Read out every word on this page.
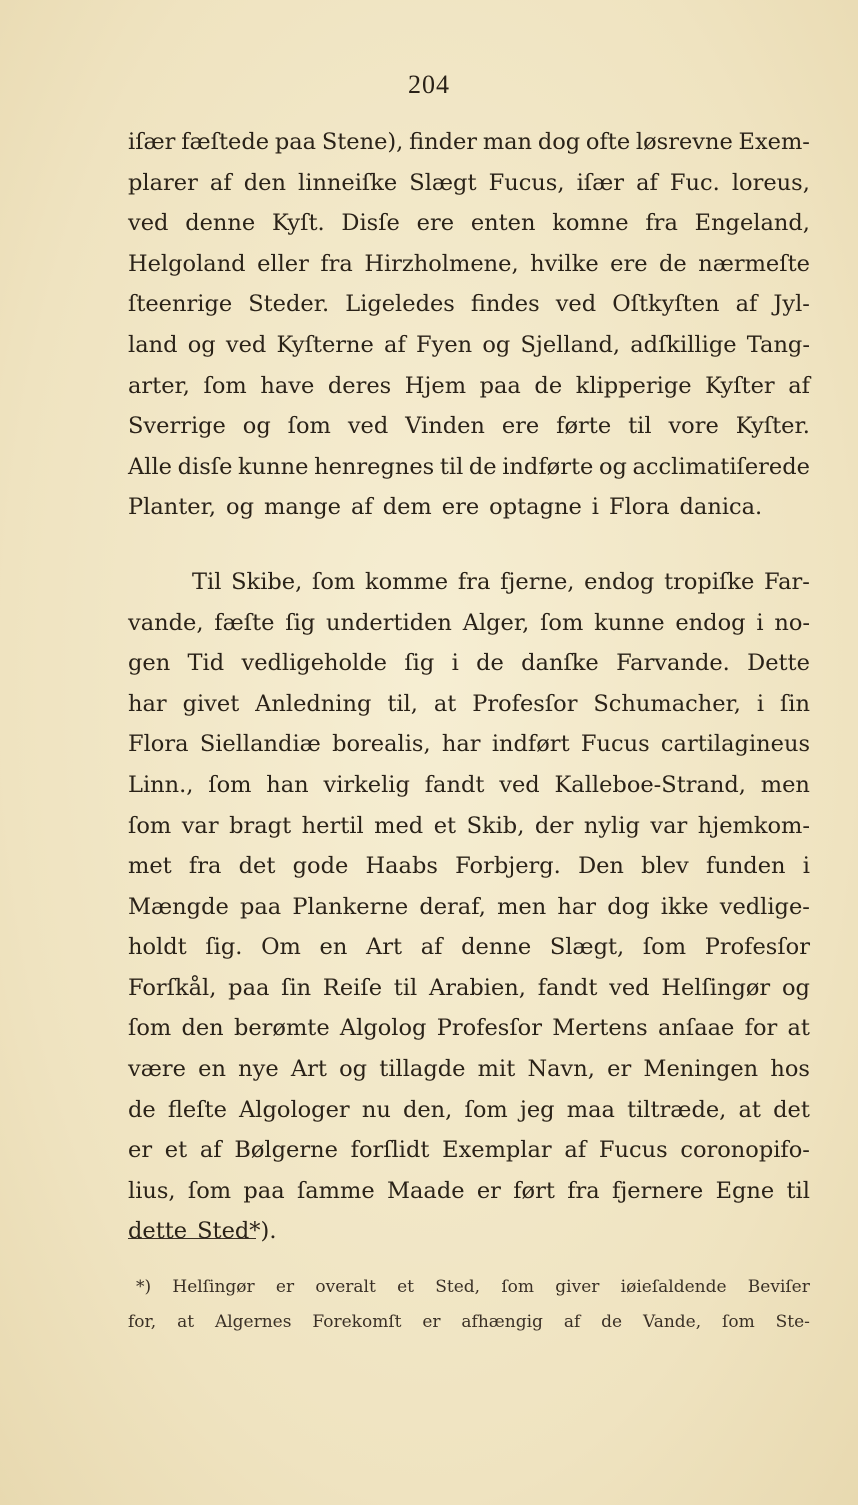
204
iſær fæſtede paa Stene), finder man dog ofte løsrevne Exem-
plarer af den linneiſke Slægt Fucus, iſær af Fuc. loreus,
ved denne Kyſt. Disſe ere enten komne fra Engeland,
Helgoland eller fra Hirzholmene, hvilke ere de nærmeſte
ſteenrige Steder. Ligeledes findes ved Oſtkyſten af Jyl-
land og ved Kyſterne af Fyen og Sjelland, adſkillige Tang-
arter, ſom have deres Hjem paa de klipperige Kyſter af
Sverrige og ſom ved Vinden ere førte til vore Kyſter.
Alle disſe kunne henregnes til de indførte og acclimatiſerede
Planter, og mange af dem ere optagne i Flora danica.
Til Skibe, ſom komme fra fjerne, endog tropiſke Far-
vande, fæſte ſig undertiden Alger, ſom kunne endog i no-
gen Tid vedligeholde ſig i de danſke Farvande. Dette
har givet Anledning til, at Profesſor Schumacher, i ſin
Flora Siellandiæ borealis, har indført Fucus cartilagineus
Linn., ſom han virkelig fandt ved Kalleboe-Strand, men
ſom var bragt hertil med et Skib, der nylig var hjemkom-
met fra det gode Haabs Forbjerg. Den blev funden i
Mængde paa Plankerne deraf, men har dog ikke vedlige-
holdt ſig. Om en Art af denne Slægt, ſom Profesſor
Forſkål, paa ſin Reiſe til Arabien, fandt ved Helſingør og
ſom den berømte Algolog Profesſor Mertens anſaae for at
være en nye Art og tillagde mit Navn, er Meningen hos
de fleſte Algologer nu den, ſom jeg maa tiltræde, at det
er et af Bølgerne forſlidt Exemplar af Fucus coronopifo-
lius, ſom paa ſamme Maade er ført fra fjernere Egne til
dette Sted*).
*) Helſingør er overalt et Sted, ſom giver iøieſaldende Beviſer
for, at Algernes Forekomſt er afhængig af de Vande, ſom Ste-
